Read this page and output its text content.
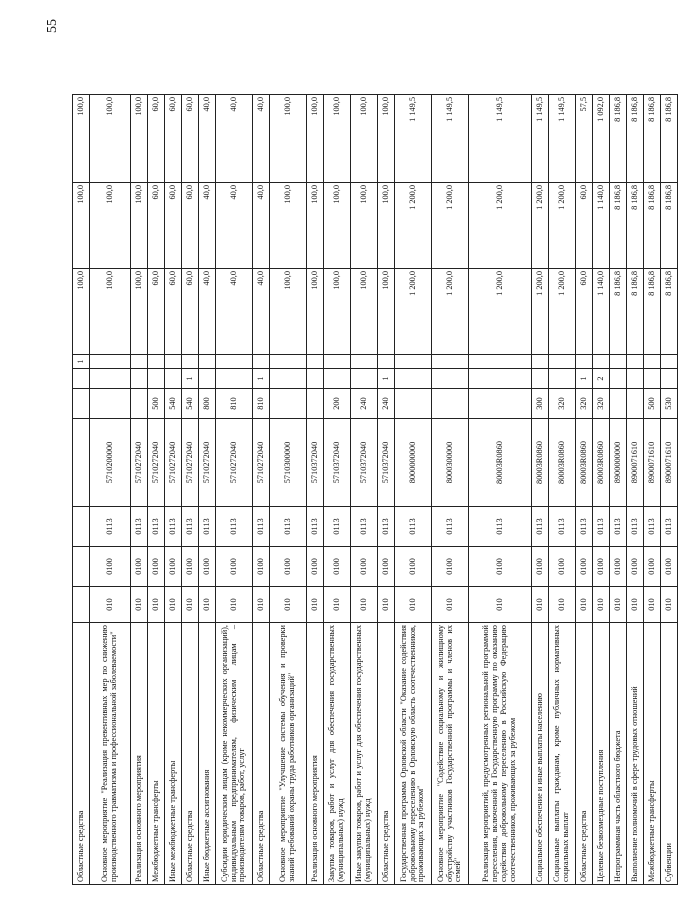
55
Областные средства							1	100,0	100,0	100,0
Основное мероприятие "Реализация превентивных мер по снижению производственного травматизма и профессиональной заболеваемости"	010	0100	0113	5710200000				100,0	100,0	100,0
Реализация основного мероприятия	010	0100	0113	5710272040				100,0	100,0	100,0
Межбюджетные трансферты	010	0100	0113	5710272040	500			60,0	60,0	60,0
Иные межбюджетные трансферты	010	0100	0113	5710272040	540			60,0	60,0	60,0
Областные средства	010	0100	0113	5710272040	540	1		60,0	60,0	60,0
Иные бюджетные ассигнования	010	0100	0113	5710272040	800			40,0	40,0	40,0
Субсидии юридическим лицам (кроме некоммерческих организаций), индивидуальным предпринимателям, физическим лицам – производителям товаров, работ, услуг	010	0100	0113	5710272040	810			40,0	40,0	40,0
Областные средства	010	0100	0113	5710272040	810	1		40,0	40,0	40,0
Основное мероприятие "Улучшение системы обучения и проверки знаний требований охраны труда работников организаций"	010	0100	0113	5710300000				100,0	100,0	100,0
Реализация основного мероприятия	010	0100	0113	5710372040				100,0	100,0	100,0
Закупка товаров, работ и услуг для обеспечения государственных (муниципальных) нужд	010	0100	0113	5710372040	200			100,0	100,0	100,0
Иные закупки товаров, работ и услуг для обеспечения государственных (муниципальных) нужд	010	0100	0113	5710372040	240			100,0	100,0	100,0
Областные средства	010	0100	0113	5710372040	240	1		100,0	100,0	100,0
Государственная программа Орловской области "Оказание содействия добровольному переселению в Орловскую область соотечественников, проживающих за рубежом"	010	0100	0113	8000000000				1 200,0	1 200,0	1 149,5
Основное мероприятие "Содействие социальному и жилищному обустройству участников Государственной программы и членов их семей"	010	0100	0113	8000300000				1 200,0	1 200,0	1 149,5
Реализация мероприятий, предусмотренных региональной программой переселения, включенной в Государственную программу по оказанию содействия добровольному переселению в Российскую Федерацию соотечественников, проживающих за рубежом	010	0100	0113	80003R0860				1 200,0	1 200,0	1 149,5
Социальное обеспечение и иные выплаты населению	010	0100	0113	80003R0860	300			1 200,0	1 200,0	1 149,5
Социальные выплаты гражданам, кроме публичных нормативных социальных выплат	010	0100	0113	80003R0860	320			1 200,0	1 200,0	1 149,5
Областные средства	010	0100	0113	80003R0860	320	1		60,0	60,0	57,5
Целевые безвозмездные поступления	010	0100	0113	80003R0860	320	2		1 140,0	1 140,0	1 092,0
Непрограммная часть областного бюджета	010	0100	0113	8900000000				8 186,8	8 186,8	8 186,8
Выполнение полномочий в сфере трудовых отношений	010	0100	0113	8900071610				8 186,8	8 186,8	8 186,8
Межбюджетные трансферты	010	0100	0113	8900071610	500			8 186,8	8 186,8	8 186,8
Субвенции	010	0100	0113	8900071610	530			8 186,8	8 186,8	8 186,8
